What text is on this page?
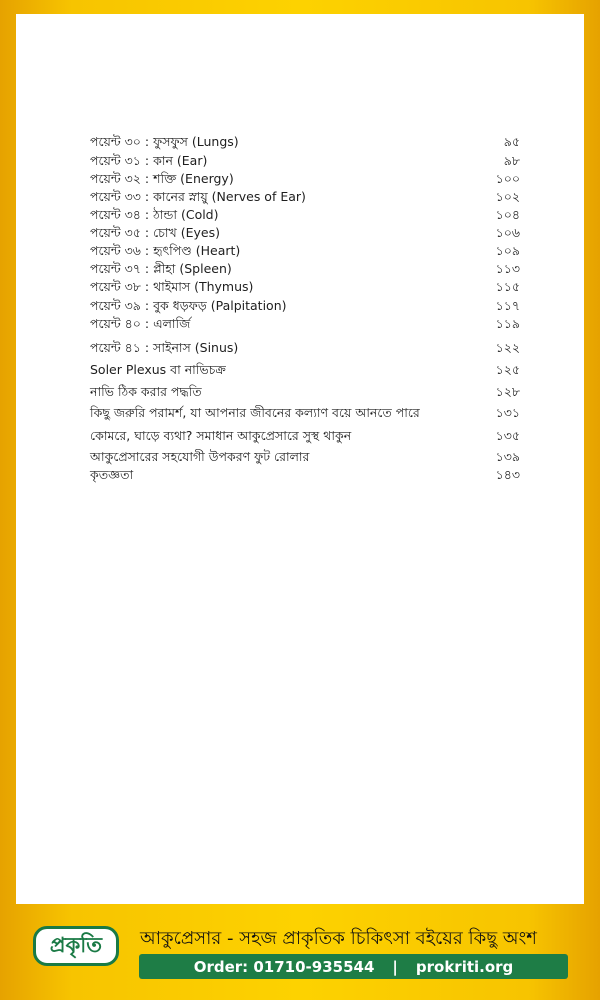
পয়েন্ট ৩০ : ফুসফুস (Lungs)	৯৫
পয়েন্ট ৩১ : কান (Ear)	৯৮
পয়েন্ট ৩২ : শক্তি (Energy)	১০০
পয়েন্ট ৩৩ : কানের স্নায়ু (Nerves of Ear)	১০২
পয়েন্ট ৩৪ : ঠান্ডা (Cold)	১০৪
পয়েন্ট ৩৫ : চোখ (Eyes)	১০৬
পয়েন্ট ৩৬ : হৃৎপিণ্ড (Heart)	১০৯
পয়েন্ট ৩৭ : প্লীহা (Spleen)	১১৩
পয়েন্ট ৩৮ : থাইমাস (Thymus)	১১৫
পয়েন্ট ৩৯ : বুক ধড়ফড় (Palpitation)	১১৭
পয়েন্ট ৪০ : এলার্জি	১১৯
পয়েন্ট ৪১ : সাইনাস (Sinus)	১২২
Soler Plexus বা নাভিচক্র	১২৫
নাভি ঠিক করার পদ্ধতি	১২৮
কিছু জরুরি পরামর্শ, যা আপনার জীবনের কল্যাণ বয়ে আনতে পারে	১৩১
কোমরে, ঘাড়ে ব্যথা? সমাধান আকুপ্রেসারে সুস্থ থাকুন	১৩৫
আকুপ্রেসারের সহযোগী উপকরণ ফুট রোলার	১৩৯
কৃতজ্ঞতা	১৪৩
প্রকৃতি	আকুপ্রেসার - সহজ প্রাকৃতিক চিকিৎসা বইয়ের কিছু অংশ
Order: 01710-935544 | prokriti.org
